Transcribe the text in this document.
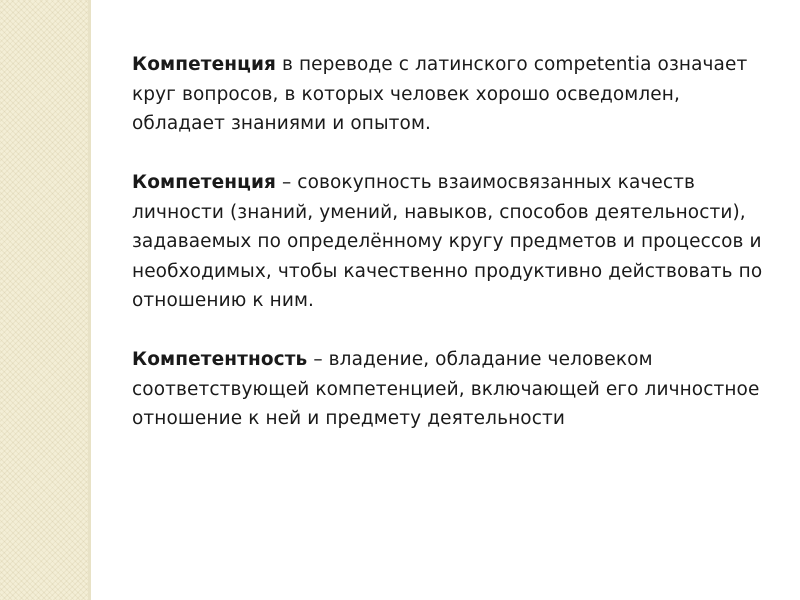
Компетенция в переводе с латинского competentia означает круг вопросов, в которых человек хорошо осведомлен, обладает знаниями и опытом.

Компетенция – совокупность взаимосвязанных качеств личности (знаний, умений, навыков, способов деятельности), задаваемых по определённому кругу предметов и процессов и необходимых, чтобы качественно продуктивно действовать по отношению к ним.

Компетентность – владение, обладание человеком соответствующей компетенцией, включающей его личностное отношение к ней и предмету деятельности
